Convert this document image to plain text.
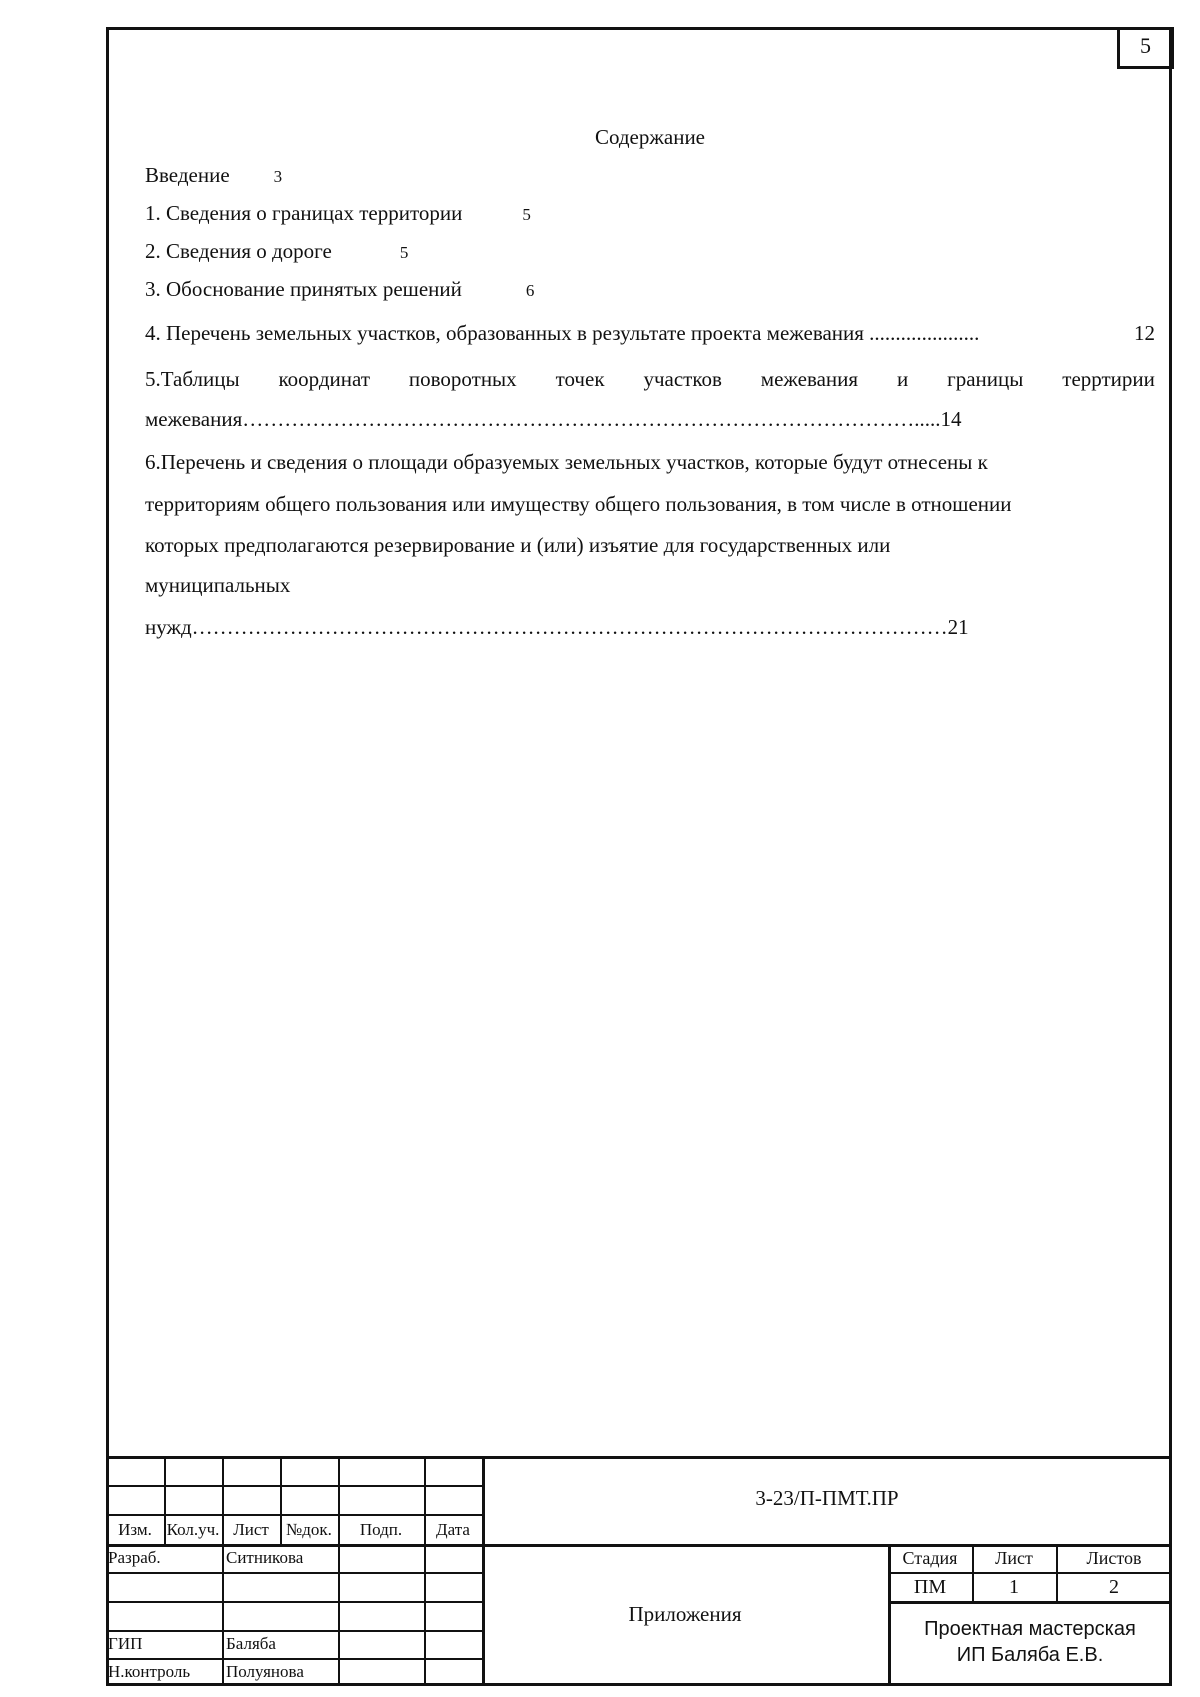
5
Содержание
Введение	3
1. Сведения о границах территории	5
2. Сведения о дороге	5
3. Обоснование принятых решений	6
4. Перечень земельных участков, образованных в результате проекта межевания .....................	12
5.Таблицы координат поворотных точек участков межевания и границы терртирии
межевания…………………………………………………………………………………….....14
6.Перечень и сведения о площади образуемых земельных участков, которые будут отнесены к
территориям общего пользования или имуществу общего пользования, в том числе в отношении
которых предполагаются резервирование и (или) изъятие для государственных или
муниципальных
нужд………………………………………………………………………………………………21
Изм. Кол.уч. Лист	№док.	Подп.	Дата
Разраб.	Ситникова
ГИП	Баляба
Н.контроль Полуянова
3-23/П-ПМТ.ПР
Приложения
Стадия	Лист	Листов
ПМ	1	2
Проектная мастерская
ИП Баляба Е.В.
